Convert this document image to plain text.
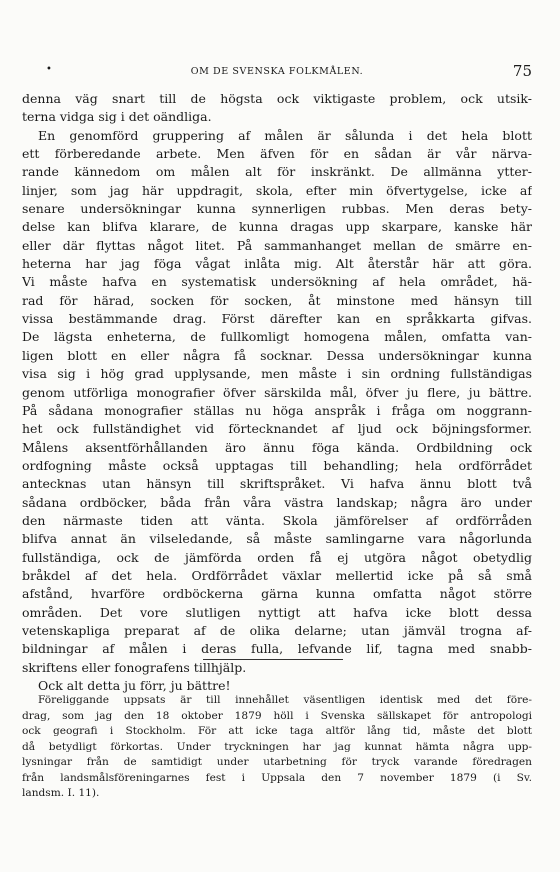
•	OM DE SVENSKA FOLKMÅLEN.	75
denna väg snart till de högsta ock viktigaste problem, ock utsik-
terna vidga sig i det oändliga.
En genomförd gruppering af målen är sålunda i det hela blott
ett förberedande arbete. Men äfven för en sådan är vår närva-
rande kännedom om målen alt för inskränkt. De allmänna ytter-
linjer, som jag här uppdragit, skola, efter min öfvertygelse, icke af
senare undersökningar kunna synnerligen rubbas. Men deras bety-
delse kan blifva klarare, de kunna dragas upp skarpare, kanske här
eller där flyttas något litet. På sammanhanget mellan de smärre en-
heterna har jag föga vågat inlåta mig. Alt återstår här att göra.
Vi måste hafva en systematisk undersökning af hela området, hä-
rad för härad, socken för socken, åt minstone med hänsyn till
vissa bestämmande drag. Först därefter kan en språkkarta gifvas.
De lägsta enheterna, de fullkomligt homogena målen, omfatta van-
ligen blott en eller några få socknar. Dessa undersökningar kunna
visa sig i hög grad upplysande, men måste i sin ordning fullständigas
genom utförliga monografier öfver särskilda mål, öfver ju flere, ju bättre.
På sådana monografier ställas nu höga anspråk i fråga om noggrann-
het ock fullständighet vid förtecknandet af ljud ock böjningsformer.
Målens aksentförhållanden äro ännu föga kända. Ordbildning ock
ordfogning måste också upptagas till behandling; hela ordförrådet
antecknas utan hänsyn till skriftspråket. Vi hafva ännu blott två
sådana ordböcker, båda från våra västra landskap; några äro under
den närmaste tiden att vänta. Skola jämförelser af ordförråden
blifva annat än vilseledande, så måste samlingarne vara någorlunda
fullständiga, ock de jämförda orden få ej utgöra något obetydlig
bråkdel af det hela. Ordförrådet växlar mellertid icke på så små
afstånd, hvarföre ordböckerna gärna kunna omfatta något större
områden. Det vore slutligen nyttigt att hafva icke blott dessa
vetenskapliga preparat af de olika delarne; utan jämväl trogna af-
bildningar af målen i deras fulla, lefvande lif, tagna med snabb-
skriftens eller fonografens tillhjälp.
Ock alt detta ju förr, ju bättre!
Föreliggande uppsats är till innehållet väsentligen identisk med det före-
drag, som jag den 18 oktober 1879 höll i Svenska sällskapet för antropologi
ock geografi i Stockholm. För att icke taga altför lång tid, måste det blott
då betydligt förkortas. Under tryckningen har jag kunnat hämta några upp-
lysningar från de samtidigt under utarbetning för tryck varande föredragen
från landsmålsföreningarnes fest i Uppsala den 7 november 1879 (i Sv.
landsm. I. 11).
